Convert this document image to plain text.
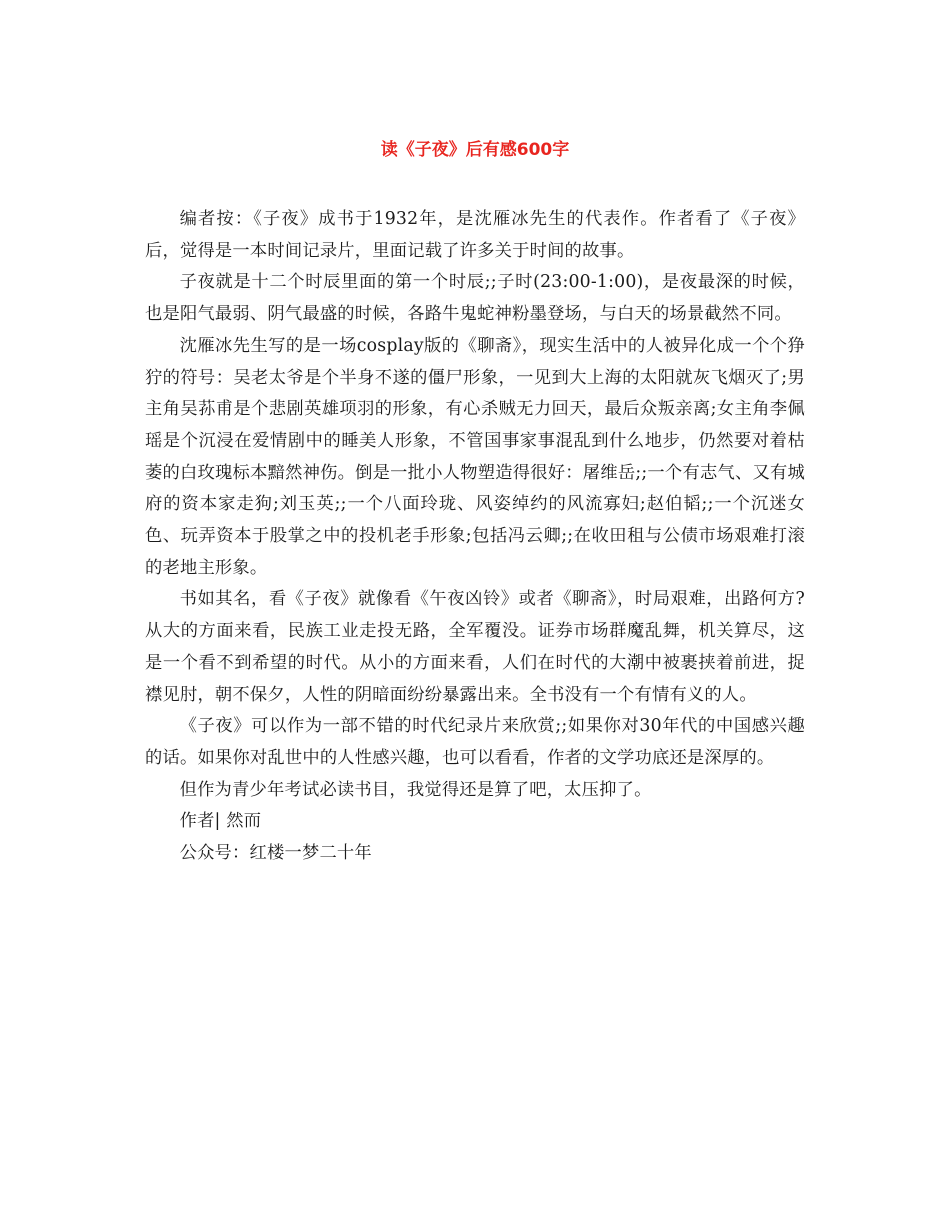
读《子夜》后有感600字

编者按：《子夜》成书于1932年，是沈雁冰先生的代表作。作者看了《子夜》后，觉得是一本时间记录片，里面记载了许多关于时间的故事。

子夜就是十二个时辰里面的第一个时辰;;子时(23:00-1:00)，是夜最深的时候，也是阳气最弱、阴气最盛的时候，各路牛鬼蛇神粉墨登场，与白天的场景截然不同。

沈雁冰先生写的是一场cosplay版的《聊斋》，现实生活中的人被异化成一个个狰狞的符号：吴老太爷是个半身不遂的僵尸形象，一见到大上海的太阳就灰飞烟灭了;男主角吴荪甫是个悲剧英雄项羽的形象，有心杀贼无力回天，最后众叛亲离;女主角李佩瑶是个沉浸在爱情剧中的睡美人形象，不管国事家事混乱到什么地步，仍然要对着枯萎的白玫瑰标本黯然神伤。倒是一批小人物塑造得很好：屠维岳;;一个有志气、又有城府的资本家走狗;刘玉英;;一个八面玲珑、风姿绰约的风流寡妇;赵伯韬;;一个沉迷女色、玩弄资本于股掌之中的投机老手形象;包括冯云卿;;在收田租与公债市场艰难打滚的老地主形象。

书如其名，看《子夜》就像看《午夜凶铃》或者《聊斋》，时局艰难，出路何方?从大的方面来看，民族工业走投无路，全军覆没。证券市场群魔乱舞，机关算尽，这是一个看不到希望的时代。从小的方面来看，人们在时代的大潮中被裹挟着前进，捉襟见肘，朝不保夕，人性的阴暗面纷纷暴露出来。全书没有一个有情有义的人。

《子夜》可以作为一部不错的时代纪录片来欣赏;;如果你对30年代的中国感兴趣的话。如果你对乱世中的人性感兴趣，也可以看看，作者的文学功底还是深厚的。

但作为青少年考试必读书目，我觉得还是算了吧，太压抑了。

作者| 然而

公众号：红楼一梦二十年
